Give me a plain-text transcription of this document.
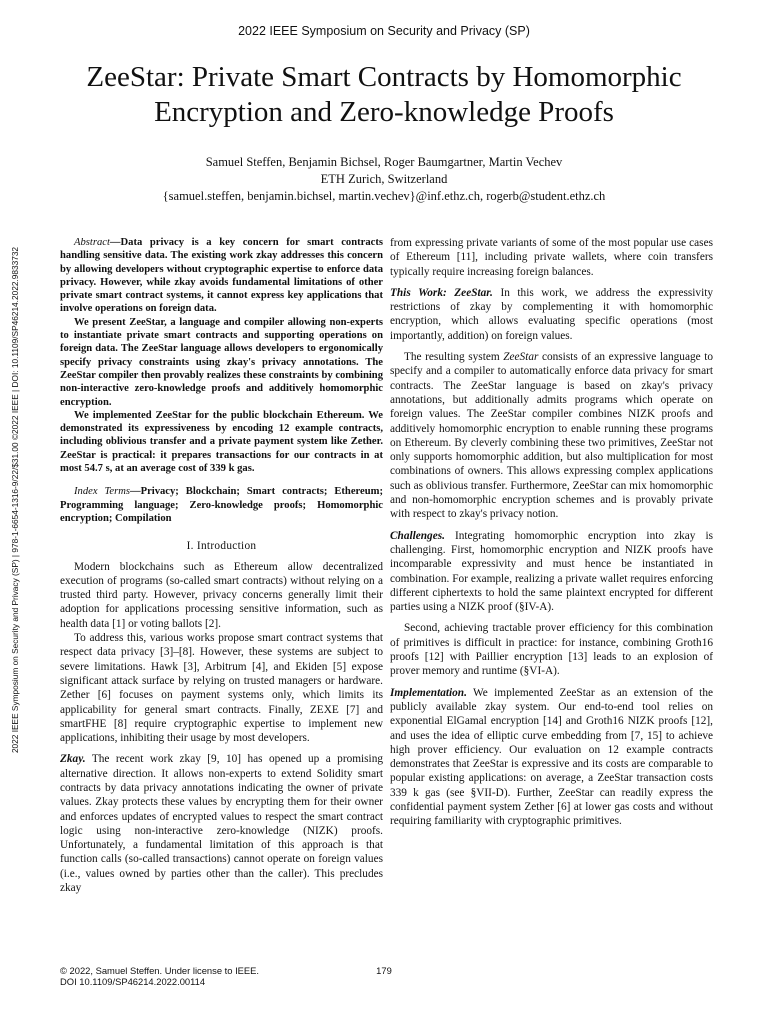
2022 IEEE Symposium on Security and Privacy (SP)
ZeeStar: Private Smart Contracts by Homomorphic Encryption and Zero-knowledge Proofs
Samuel Steffen, Benjamin Bichsel, Roger Baumgartner, Martin Vechev
ETH Zurich, Switzerland
{samuel.steffen, benjamin.bichsel, martin.vechev}@inf.ethz.ch, rogerb@student.ethz.ch
2022 IEEE Symposium on Security and Privacy (SP) | 978-1-6654-1316-9/22/$31.00 ©2022 IEEE | DOI: 10.1109/SP46214.2022.9833732

Abstract—Data privacy is a key concern for smart contracts handling sensitive data. The existing work zkay addresses this concern by allowing developers without cryptographic expertise to enforce data privacy. However, while zkay avoids fundamental limitations of other private smart contract systems, it cannot express key applications that involve operations on foreign data.

We present ZeeStar, a language and compiler allowing non-experts to instantiate private smart contracts and supporting operations on foreign data. The ZeeStar language allows developers to ergonomically specify privacy constraints using zkay's privacy annotations. The ZeeStar compiler then provably realizes these constraints by combining non-interactive zero-knowledge proofs and additively homomorphic encryption.

We implemented ZeeStar for the public blockchain Ethereum. We demonstrated its expressiveness by encoding 12 example contracts, including oblivious transfer and a private payment system like Zether. ZeeStar is practical: it prepares transactions for our contracts in at most 54.7 s, at an average cost of 339 k gas.

Index Terms—Privacy; Blockchain; Smart contracts; Ethereum; Programming language; Zero-knowledge proofs; Homomorphic encryption; Compilation

I. Introduction

Modern blockchains such as Ethereum allow decentralized execution of programs (so-called smart contracts) without relying on a trusted third party. However, privacy concerns generally limit their adoption for applications processing sensitive information, such as health data [1] or voting ballots [2].

To address this, various works propose smart contract systems that respect data privacy [3]–[8]. However, these systems are subject to severe limitations. Hawk [3], Arbitrum [4], and Ekiden [5] expose significant attack surface by relying on trusted managers or hardware. Zether [6] focuses on payment systems only, which limits its applicability for general smart contracts. Finally, ZEXE [7] and smartFHE [8] require cryptographic expertise to implement new applications, inhibiting their usage by most developers.

Zkay. The recent work zkay [9, 10] has opened up a promising alternative direction. It allows non-experts to extend Solidity smart contracts by data privacy annotations indicating the owner of private values. Zkay protects these values by encrypting them for their owner and enforces updates of encrypted values to respect the smart contract logic using non-interactive zero-knowledge (NIZK) proofs. Unfortunately, a fundamental limitation of this approach is that function calls (so-called transactions) cannot operate on foreign values (i.e., values owned by parties other than the caller). This precludes zkay

from expressing private variants of some of the most popular use cases of Ethereum [11], including private wallets, where coin transfers typically require increasing foreign balances.

This Work: ZeeStar. In this work, we address the expressivity restrictions of zkay by complementing it with homomorphic encryption, which allows evaluating specific operations (most importantly, addition) on foreign values.

The resulting system ZeeStar consists of an expressive language to specify and a compiler to automatically enforce data privacy for smart contracts. The ZeeStar language is based on zkay's privacy annotations, but additionally admits programs which operate on foreign values. The ZeeStar compiler combines NIZK proofs and additively homomorphic encryption to enable running these programs on Ethereum. By cleverly combining these two primitives, ZeeStar not only supports homomorphic addition, but also multiplication for most combinations of owners. This allows expressing complex applications such as oblivious transfer. Furthermore, ZeeStar can mix homomorphic and non-homomorphic encryption schemes and is provably private with respect to zkay's privacy notion.

Challenges. Integrating homomorphic encryption into zkay is challenging. First, homomorphic encryption and NIZK proofs have incomparable expressivity and must hence be instantiated in combination. For example, realizing a private wallet requires enforcing different ciphertexts to hold the same plaintext encrypted for different parties using a NIZK proof (§IV-A).

Second, achieving tractable prover efficiency for this combination of primitives is difficult in practice: for instance, combining Groth16 proofs [12] with Paillier encryption [13] leads to an explosion of prover memory and runtime (§VI-A).

Implementation. We implemented ZeeStar as an extension of the publicly available zkay system. Our end-to-end tool relies on exponential ElGamal encryption [14] and Groth16 NIZK proofs [12], and uses the idea of elliptic curve embedding from [7, 15] to achieve high prover efficiency. Our evaluation on 12 example contracts demonstrates that ZeeStar is expressive and its costs are comparable to popular existing applications: on average, a ZeeStar transaction costs 339 k gas (see §VII-D). Further, ZeeStar can readily express the confidential payment system Zether [6] at lower gas costs and without requiring familiarity with cryptographic primitives.

© 2022, Samuel Steffen. Under license to IEEE.
DOI 10.1109/SP46214.2022.00114
179
